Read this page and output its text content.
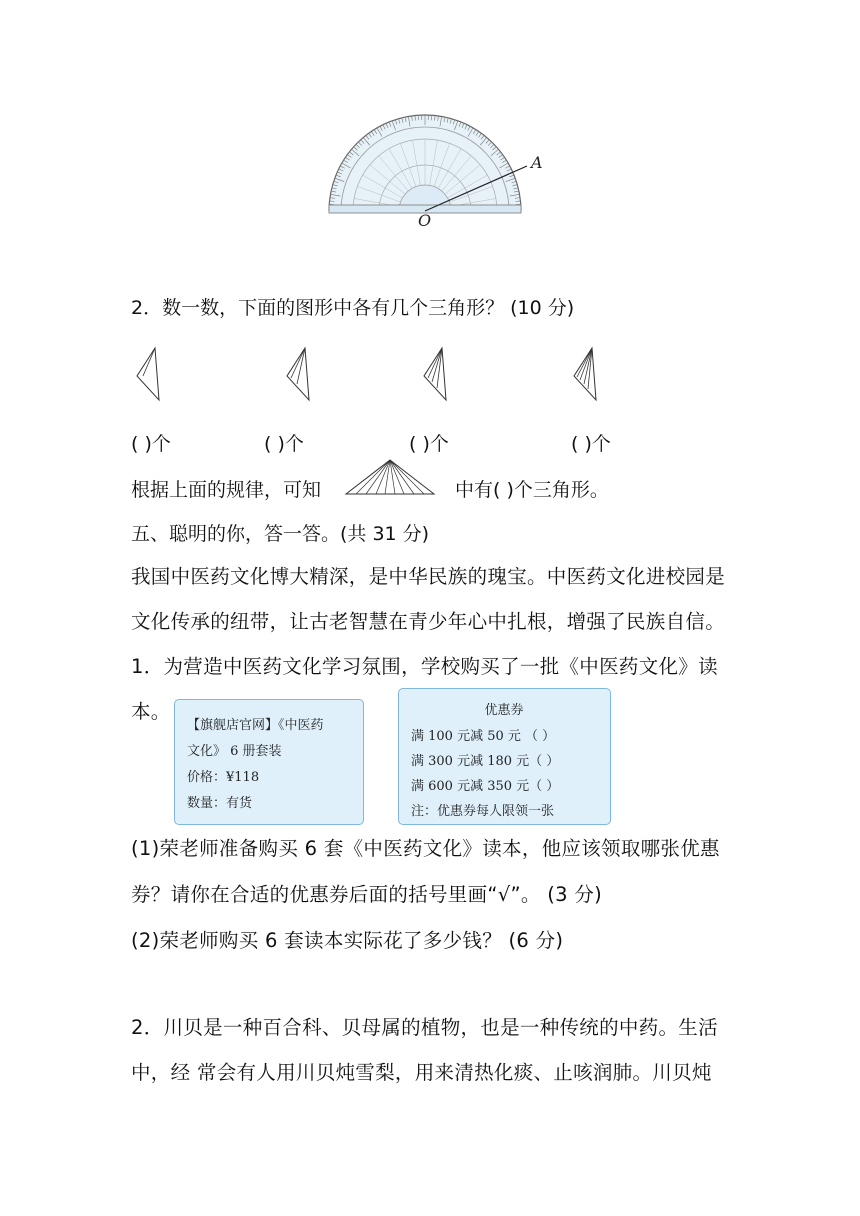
A
O
2．数一数，下面的图形中各有几个三角形？ (10 分)
( )个	( )个	( )个	( )个
根据上面的规律，可知	中有( )个三角形。
五、聪明的你，答一答。(共 31 分)
我国中医药文化博大精深，是中华民族的瑰宝。中医药文化进校园是
文化传承的纽带，让古老智慧在青少年心中扎根，增强了民族自信。
1．为营造中医药文化学习氛围，学校购买了一批《中医药文化》读
本。
【旗舰店官网】《中医药
文化》 6 册套装
价格：¥118
数量：有货
优惠券
满 100 元减 50 元 （ ）
满 300 元减 180 元（ ）
满 600 元减 350 元（ ）
注：优惠券每人限领一张
(1)荣老师准备购买 6 套《中医药文化》读本，他应该领取哪张优惠
券？请你在合适的优惠券后面的括号里画“√”。 (3 分)
(2)荣老师购买 6 套读本实际花了多少钱？ (6 分)
2．川贝是一种百合科、贝母属的植物，也是一种传统的中药。生活
中，经 常会有人用川贝炖雪梨，用来清热化痰、止咳润肺。川贝炖
